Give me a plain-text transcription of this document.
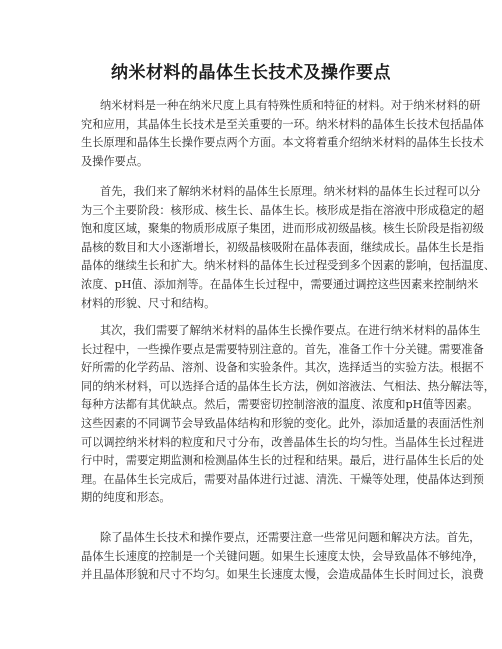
纳米材料的晶体生长技术及操作要点
纳米材料是一种在纳米尺度上具有特殊性质和特征的材料。对于纳米材料的研
究和应用，其晶体生长技术是至关重要的一环。纳米材料的晶体生长技术包括晶体
生长原理和晶体生长操作要点两个方面。本文将着重介绍纳米材料的晶体生长技术
及操作要点。
首先，我们来了解纳米材料的晶体生长原理。纳米材料的晶体生长过程可以分
为三个主要阶段：核形成、核生长、晶体生长。核形成是指在溶液中形成稳定的超
饱和度区域，聚集的物质形成原子集团，进而形成初级晶核。核生长阶段是指初级
晶核的数目和大小逐渐增长，初级晶核吸附在晶体表面，继续成长。晶体生长是指
晶体的继续生长和扩大。纳米材料的晶体生长过程受到多个因素的影响，包括温度、
浓度、pH值、添加剂等。在晶体生长过程中，需要通过调控这些因素来控制纳米
材料的形貌、尺寸和结构。
其次，我们需要了解纳米材料的晶体生长操作要点。在进行纳米材料的晶体生
长过程中，一些操作要点是需要特别注意的。首先，准备工作十分关键。需要准备
好所需的化学药品、溶剂、设备和实验条件。其次，选择适当的实验方法。根据不
同的纳米材料，可以选择合适的晶体生长方法，例如溶液法、气相法、热分解法等，
每种方法都有其优缺点。然后，需要密切控制溶液的温度、浓度和pH值等因素。
这些因素的不同调节会导致晶体结构和形貌的变化。此外，添加适量的表面活性剂
可以调控纳米材料的粒度和尺寸分布，改善晶体生长的均匀性。当晶体生长过程进
行中时，需要定期监测和检测晶体生长的过程和结果。最后，进行晶体生长后的处
理。在晶体生长完成后，需要对晶体进行过滤、清洗、干燥等处理，使晶体达到预
期的纯度和形态。
除了晶体生长技术和操作要点，还需要注意一些常见问题和解决方法。首先，
晶体生长速度的控制是一个关键问题。如果生长速度太快，会导致晶体不够纯净，
并且晶体形貌和尺寸不均匀。如果生长速度太慢，会造成晶体生长时间过长，浪费
